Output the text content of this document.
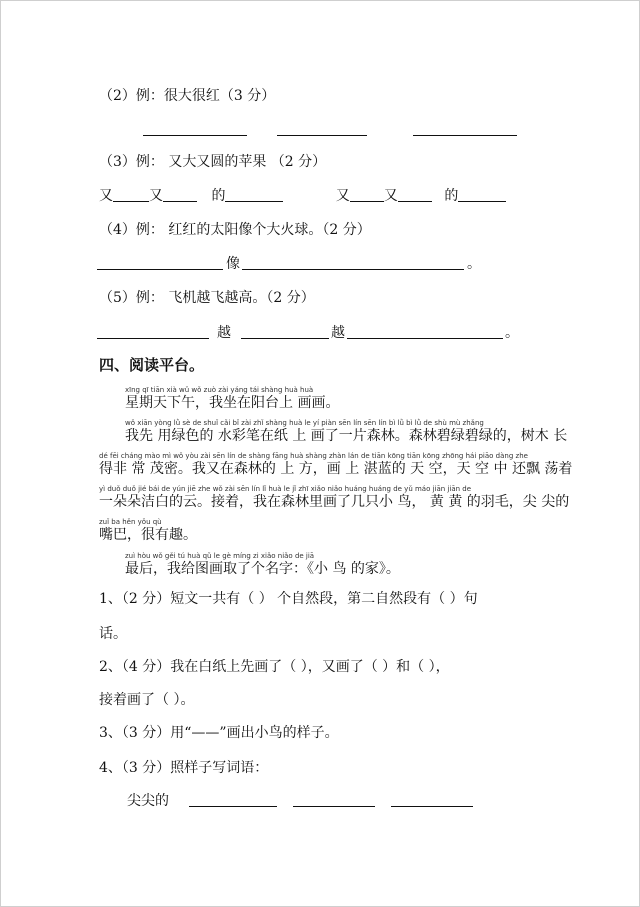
（2）例：很大很红（3 分）
（3）例： 又大又圆的苹果 （2 分）
又	又	的	又 又	的
（4）例： 红红的太阳像个大火球。（2 分）
像	。
（5）例： 飞机越飞越高。（2 分）
越	越	。
四、阅读平台。
xīng qī tiān xià wǔ wǒ zuò zài yáng tái shàng huà huà
星期天下午，我坐在阳台上 画画。
wǒ xiān yòng lǜ sè de shuǐ cǎi bǐ zài zhǐ shàng huà le yí piàn sēn lín sēn lín bì lǜ bì lǜ de shù mù zhǎng
我先 用绿色的 水彩笔在纸 上 画了一片森林。森林碧绿碧绿的，树木 长
dé fēi cháng mào mì wǒ yòu zài sēn lín de shàng fāng huà shàng zhàn lán de tiān kōng tiān kōng zhōng hái piāo dàng zhe
得非 常 茂密。我又在森林的 上 方，画 上 湛蓝的 天 空，天 空 中 还飘 荡着
yì duǒ duǒ jié bái de yún jiē zhe wǒ zài sēn lín lǐ huà le jǐ zhī xiǎo niǎo huáng huáng de yǔ máo jiān jiān de
一朵朵洁白的云。接着，我在森林里画了几只小 鸟， 黄 黄 的羽毛，尖 尖的
zuǐ ba hěn yǒu qù
嘴巴，很有趣。
zuì hòu wǒ gěi tú huà qǔ le gè míng zi xiǎo niǎo de jiā
最后，我给图画取了个名字：《小 鸟 的家》。
1、（2 分）短文一共有（ ） 个自然段，第二自然段有（ ）句
话。
2、（4 分）我在白纸上先画了（ ），又画了（ ）和（ ），
接着画了（ ）。
3、（3 分）用“——”画出小鸟的样子。
4、（3 分）照样子写词语：
尖尖的
